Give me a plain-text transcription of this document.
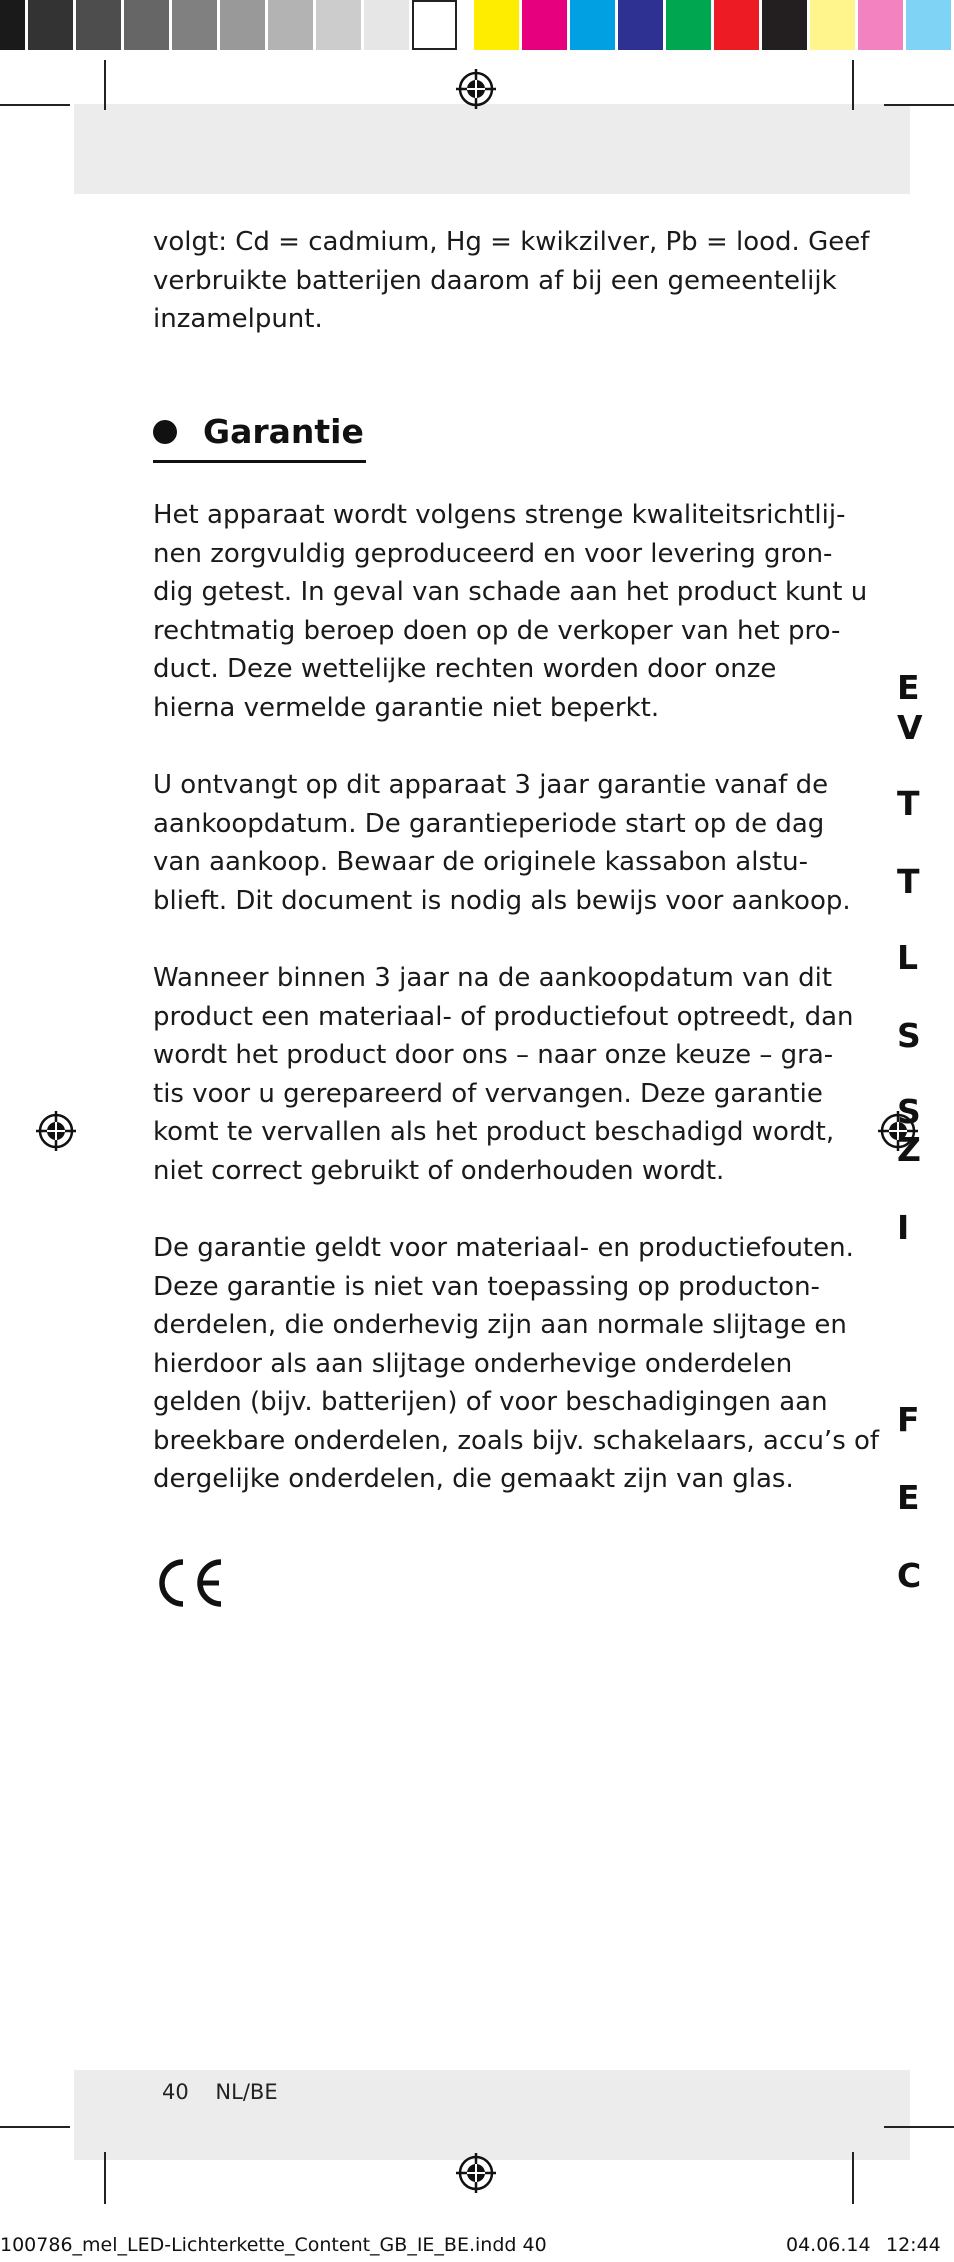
volgt: Cd = cadmium, Hg = kwikzilver, Pb = lood. Geef
verbruikte batterijen daarom af bij een gemeentelijk
inzamelpunt.
Het apparaat wordt volgens strenge kwaliteitsrichtlij-
nen zorgvuldig geproduceerd en voor levering gron-
dig getest. In geval van schade aan het product kunt u
rechtmatig beroep doen op de verkoper van het pro-
duct. Deze wettelijke rechten worden door onze
hierna vermelde garantie niet beperkt.
U ontvangt op dit apparaat 3 jaar garantie vanaf de
aankoopdatum. De garantieperiode start op de dag
van aankoop. Bewaar de originele kassabon alstu-
blieft. Dit document is nodig als bewijs voor aankoop.
Wanneer binnen 3 jaar na de aankoopdatum van dit
product een materiaal- of productiefout optreedt, dan
wordt het product door ons – naar onze keuze – gra-
tis voor u gerepareerd of vervangen. Deze garantie
komt te vervallen als het product beschadigd wordt,
niet correct gebruikt of onderhouden wordt.
De garantie geldt voor materiaal- en productiefouten.
Deze garantie is niet van toepassing op producton-
derdelen, die onderhevig zijn aan normale slijtage en
hierdoor als aan slijtage onderhevige onderdelen
gelden (bijv. batterijen) of voor beschadigingen aan
breekbare onderdelen, zoals bijv. schakelaars, accu’s of
dergelijke onderdelen, die gemaakt zijn van glas.
Garantie
40 NL/BE
100786_mel_LED-Lichterkette_Content_GB_IE_BE.indd 40	04.06.14 12:44
E
V
T
T
L
S
S
Z
I
F
E
C
